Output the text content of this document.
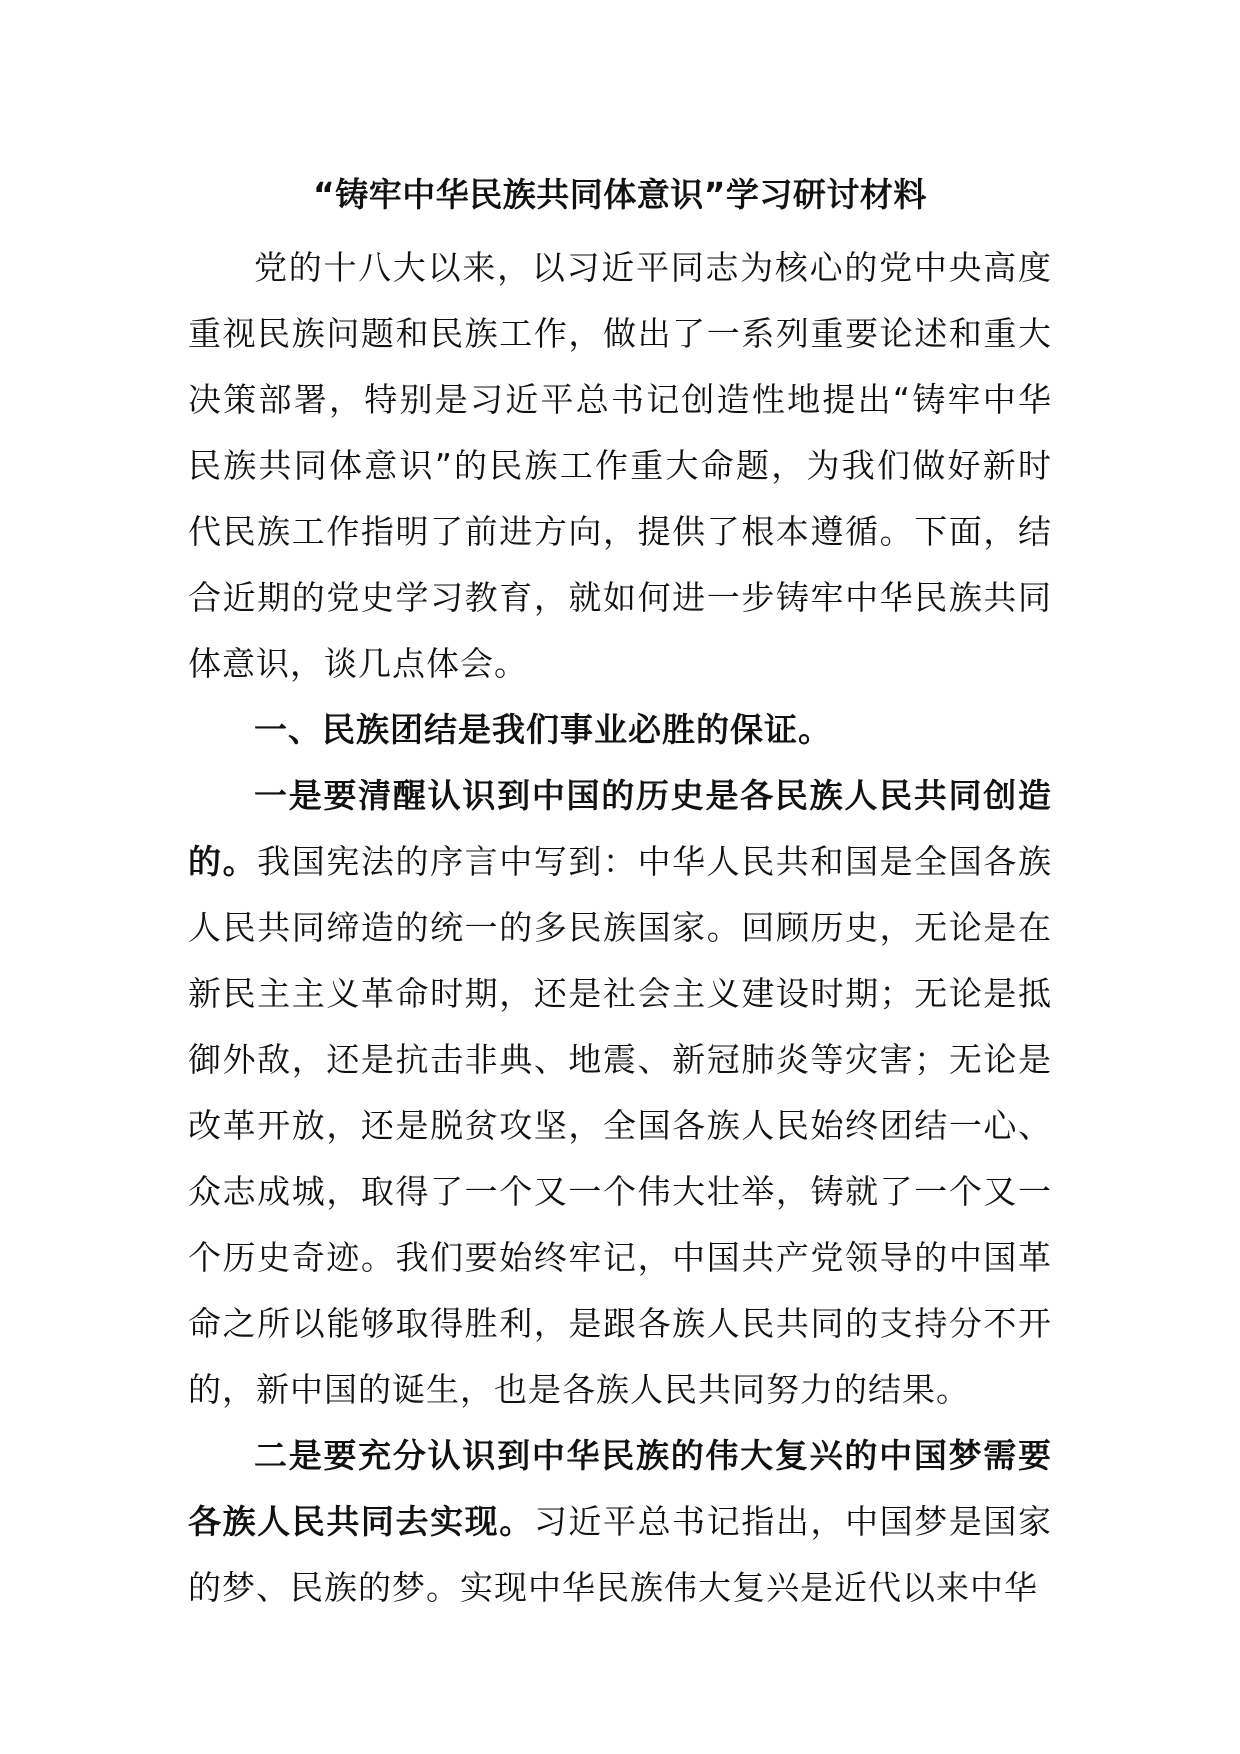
“铸牢中华民族共同体意识”学习研讨材料

党的十八大以来，以习近平同志为核心的党中央高度重视民族问题和民族工作，做出了一系列重要论述和重大决策部署，特别是习近平总书记创造性地提出“铸牢中华民族共同体意识”的民族工作重大命题，为我们做好新时代民族工作指明了前进方向，提供了根本遵循。下面，结合近期的党史学习教育，就如何进一步铸牢中华民族共同体意识，谈几点体会。

一、民族团结是我们事业必胜的保证。

一是要清醒认识到中国的历史是各民族人民共同创造的。我国宪法的序言中写到：中华人民共和国是全国各族人民共同缔造的统一的多民族国家。回顾历史，无论是在新民主主义革命时期，还是社会主义建设时期；无论是抵御外敌，还是抗击非典、地震、新冠肺炎等灾害；无论是改革开放，还是脱贫攻坚，全国各族人民始终团结一心、众志成城，取得了一个又一个伟大壮举，铸就了一个又一个历史奇迹。我们要始终牢记，中国共产党领导的中国革命之所以能够取得胜利，是跟各族人民共同的支持分不开的，新中国的诞生，也是各族人民共同努力的结果。

二是要充分认识到中华民族的伟大复兴的中国梦需要各族人民共同去实现。习近平总书记指出，中国梦是国家的梦、民族的梦。实现中华民族伟大复兴是近代以来中华
